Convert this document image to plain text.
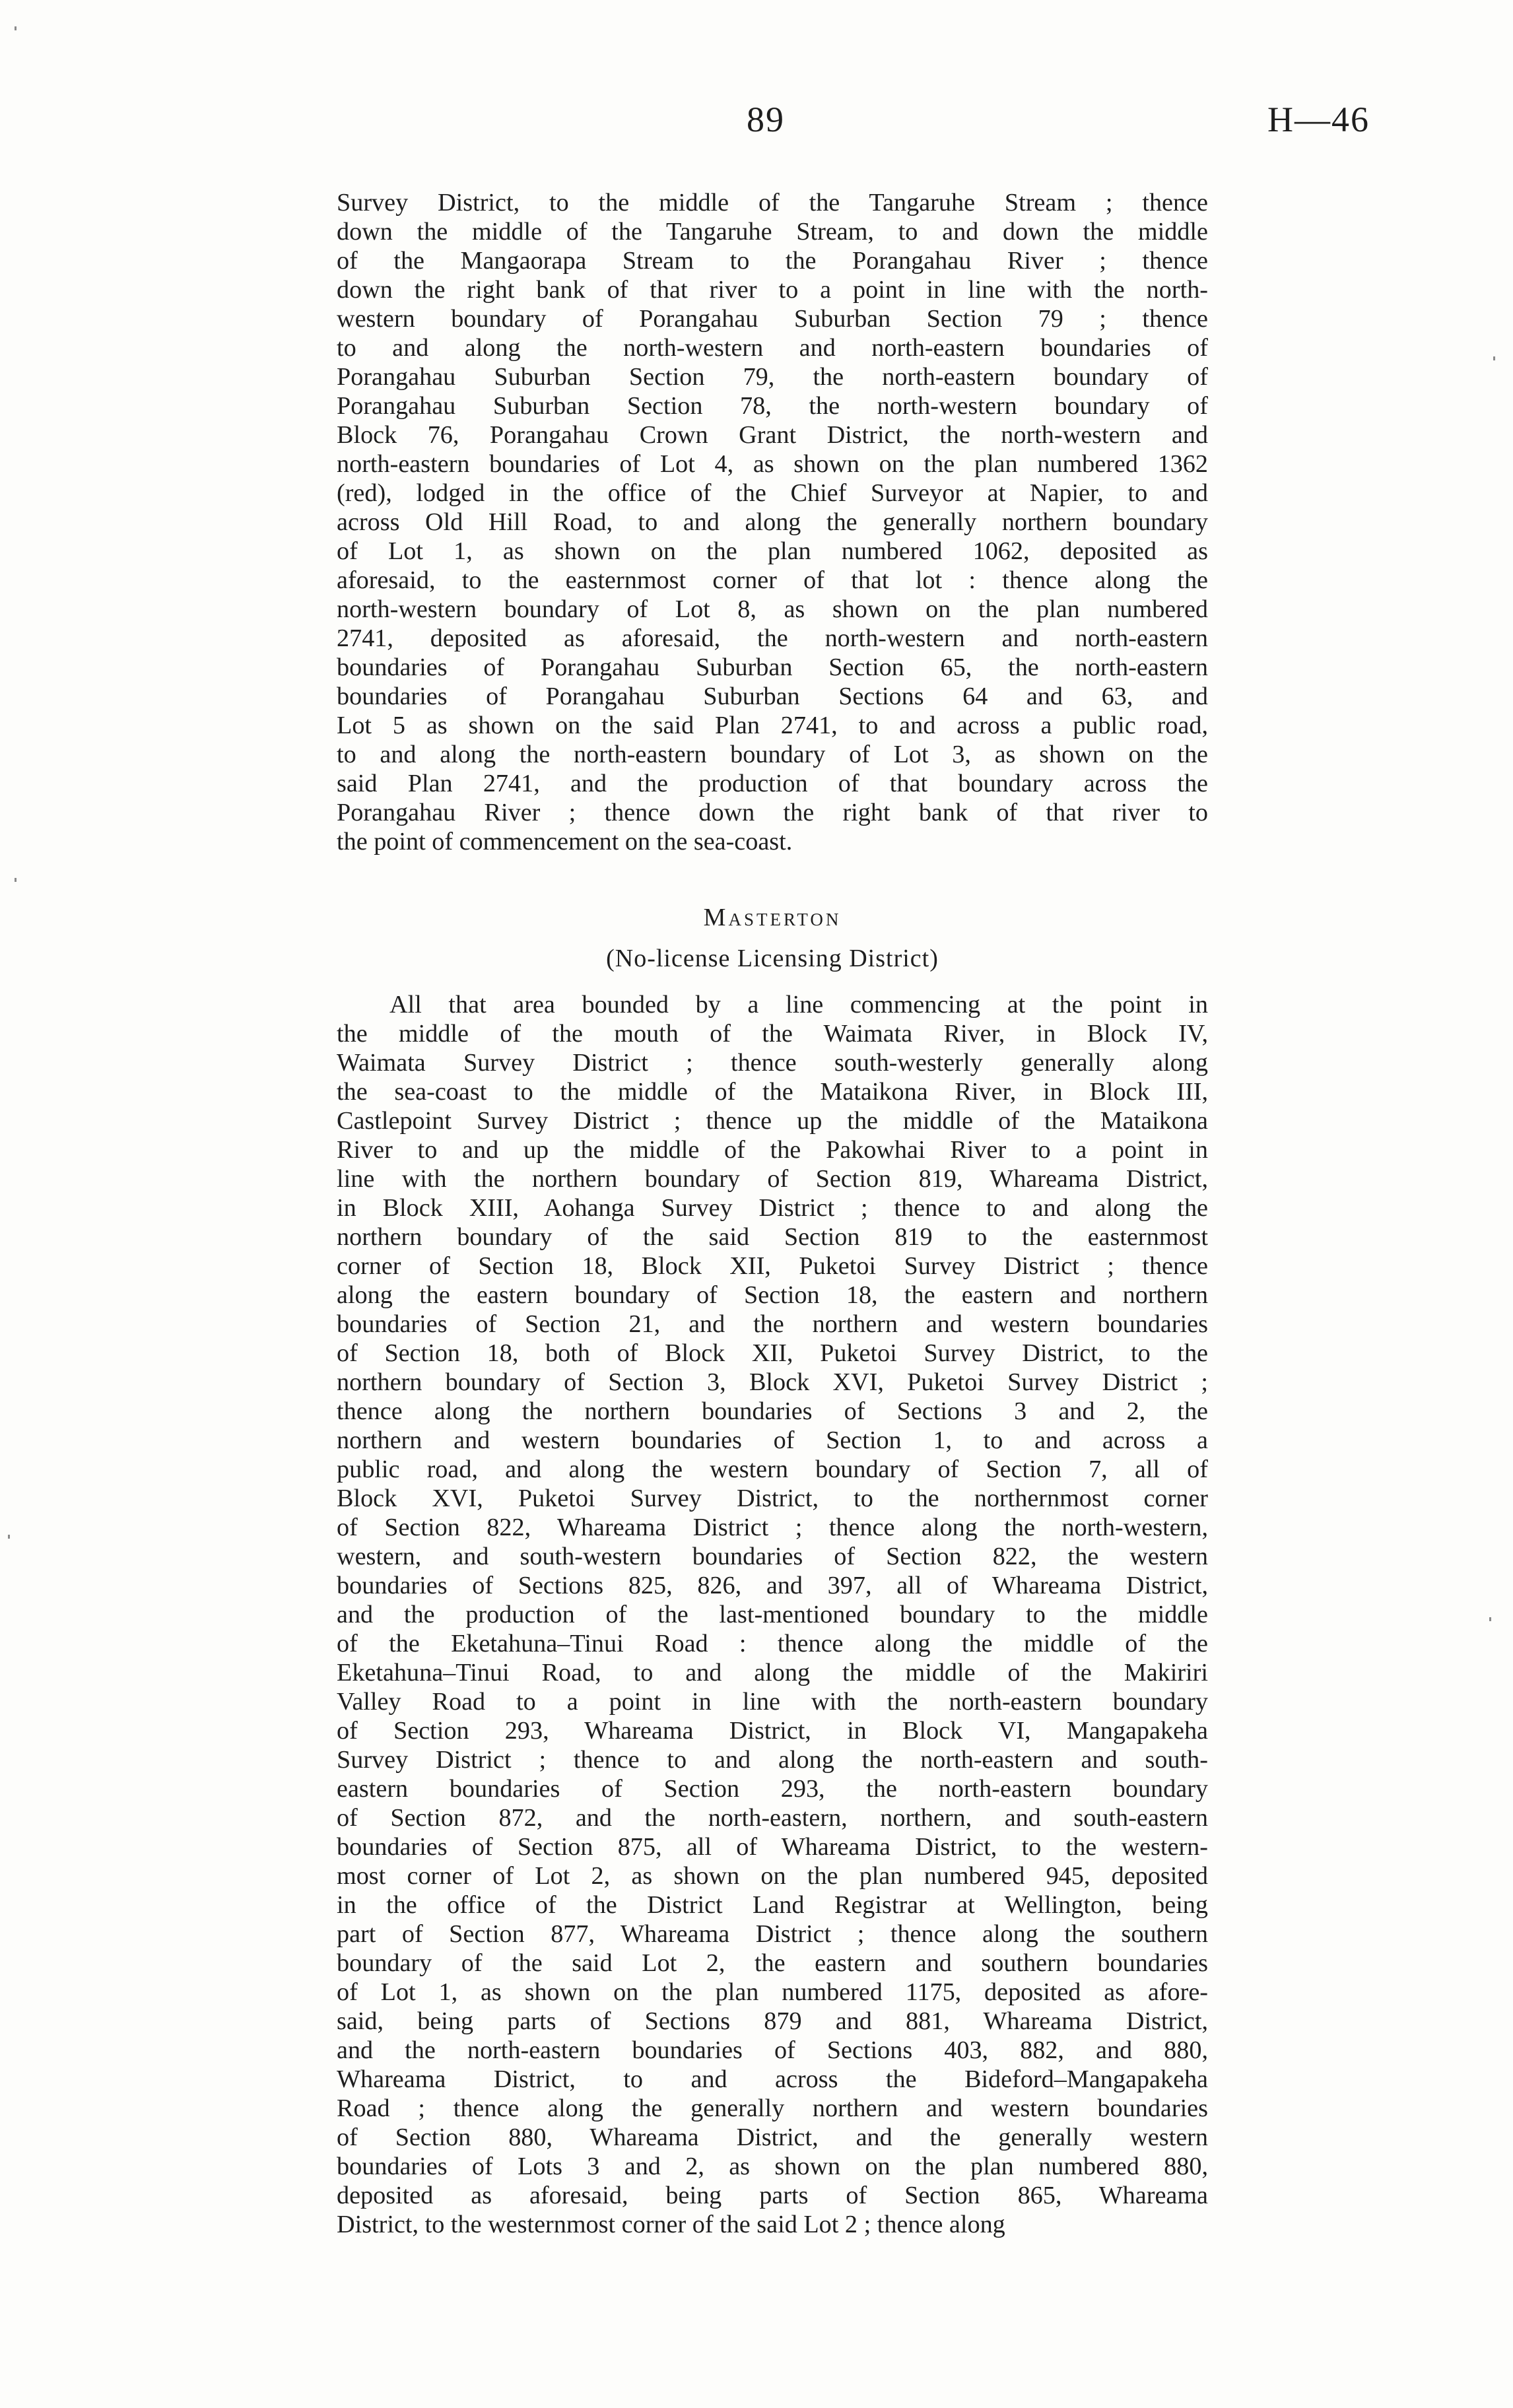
89	H—46
Survey District, to the middle of the Tangaruhe Stream ; thence
down the middle of the Tangaruhe Stream, to and down the middle
of the Mangaorapa Stream to the Porangahau River ; thence
down the right bank of that river to a point in line with the north-
western boundary of Porangahau Suburban Section 79 ; thence
to and along the north-western and north-eastern boundaries of
Porangahau Suburban Section 79, the north-eastern boundary of
Porangahau Suburban Section 78, the north-western boundary of
Block 76, Porangahau Crown Grant District, the north-western and
north-eastern boundaries of Lot 4, as shown on the plan numbered 1362
(red), lodged in the office of the Chief Surveyor at Napier, to and
across Old Hill Road, to and along the generally northern boundary
of Lot 1, as shown on the plan numbered 1062, deposited as
aforesaid, to the easternmost corner of that lot : thence along the
north-western boundary of Lot 8, as shown on the plan numbered
2741, deposited as aforesaid, the north-western and north-eastern
boundaries of Porangahau Suburban Section 65, the north-eastern
boundaries of Porangahau Suburban Sections 64 and 63, and
Lot 5 as shown on the said Plan 2741, to and across a public road,
to and along the north-eastern boundary of Lot 3, as shown on the
said Plan 2741, and the production of that boundary across the
Porangahau River ; thence down the right bank of that river to
the point of commencement on the sea-coast.
Masterton
(No-license Licensing District)
All that area bounded by a line commencing at the point in
the middle of the mouth of the Waimata River, in Block IV,
Waimata Survey District ; thence south-westerly generally along
the sea-coast to the middle of the Mataikona River, in Block III,
Castlepoint Survey District ; thence up the middle of the Mataikona
River to and up the middle of the Pakowhai River to a point in
line with the northern boundary of Section 819, Whareama District,
in Block XIII, Aohanga Survey District ; thence to and along the
northern boundary of the said Section 819 to the easternmost
corner of Section 18, Block XII, Puketoi Survey District ; thence
along the eastern boundary of Section 18, the eastern and northern
boundaries of Section 21, and the northern and western boundaries
of Section 18, both of Block XII, Puketoi Survey District, to the
northern boundary of Section 3, Block XVI, Puketoi Survey District ;
thence along the northern boundaries of Sections 3 and 2, the
northern and western boundaries of Section 1, to and across a
public road, and along the western boundary of Section 7, all of
Block XVI, Puketoi Survey District, to the northernmost corner
of Section 822, Whareama District ; thence along the north-western,
western, and south-western boundaries of Section 822, the western
boundaries of Sections 825, 826, and 397, all of Whareama District,
and the production of the last-mentioned boundary to the middle
of the Eketahuna–Tinui Road : thence along the middle of the
Eketahuna–Tinui Road, to and along the middle of the Makiriri
Valley Road to a point in line with the north-eastern boundary
of Section 293, Whareama District, in Block VI, Mangapakeha
Survey District ; thence to and along the north-eastern and south-
eastern boundaries of Section 293, the north-eastern boundary
of Section 872, and the north-eastern, northern, and south-eastern
boundaries of Section 875, all of Whareama District, to the western-
most corner of Lot 2, as shown on the plan numbered 945, deposited
in the office of the District Land Registrar at Wellington, being
part of Section 877, Whareama District ; thence along the southern
boundary of the said Lot 2, the eastern and southern boundaries
of Lot 1, as shown on the plan numbered 1175, deposited as afore-
said, being parts of Sections 879 and 881, Whareama District,
and the north-eastern boundaries of Sections 403, 882, and 880,
Whareama District, to and across the Bideford–Mangapakeha
Road ; thence along the generally northern and western boundaries
of Section 880, Whareama District, and the generally western
boundaries of Lots 3 and 2, as shown on the plan numbered 880,
deposited as aforesaid, being parts of Section 865, Whareama
District, to the westernmost corner of the said Lot 2 ; thence along
